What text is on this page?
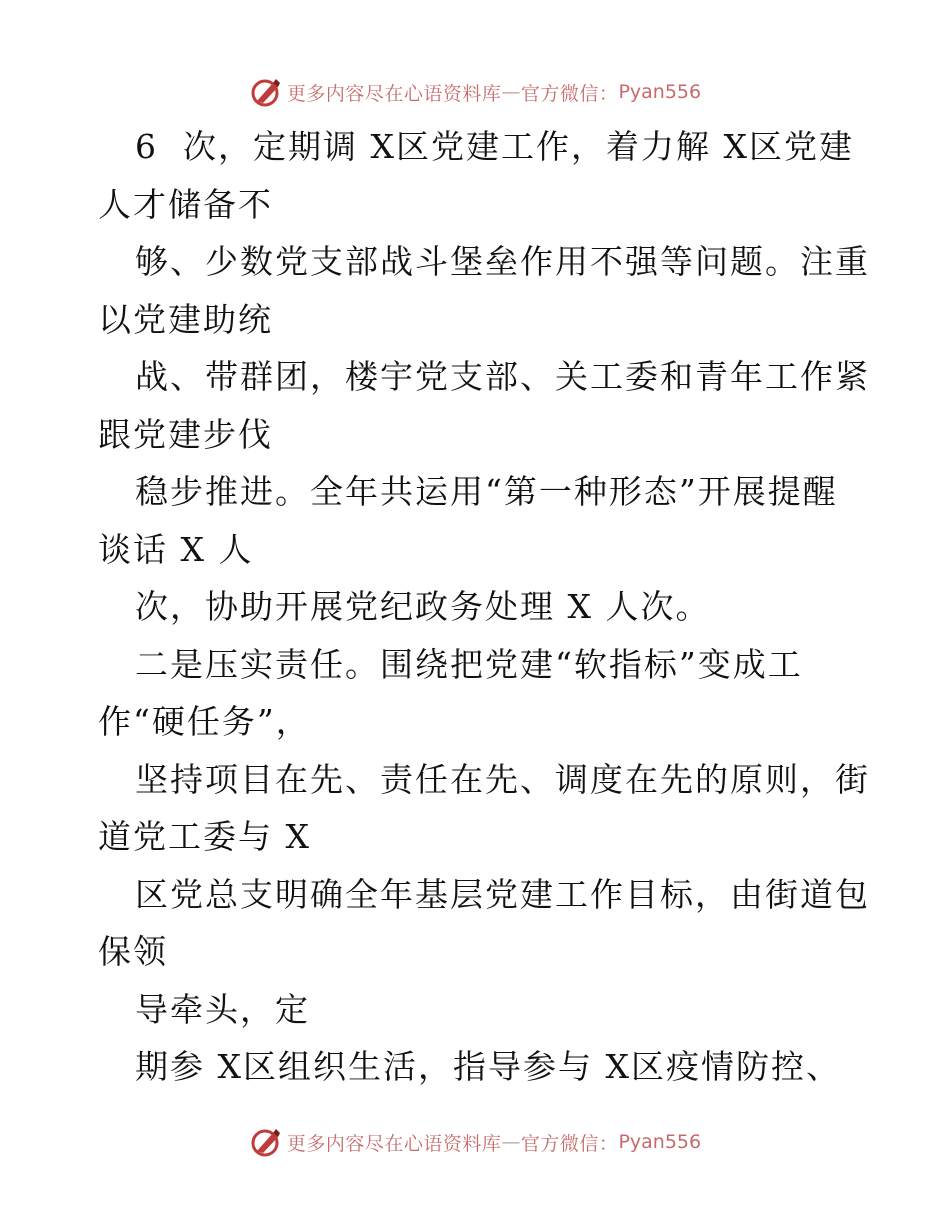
更多内容尽在心语资料库 — 官方微信： Pyan556
6  次，定期调 X区党建工作，着力解 X区党建
人才储备不
够、少数党支部战斗堡垒作用不强等问题。注重
以党建助统
战、带群团，楼宇党支部、关工委和青年工作紧
跟党建步伐
稳步推进。全年共运用“第一种形态”开展提醒
谈话 X 人
次，协助开展党纪政务处理 X 人次。
二是压实责任。围绕把党建“软指标”变成工
作“硬任务”，
坚持项目在先、责任在先、调度在先的原则，街
道党工委与 X
区党总支明确全年基层党建工作目标，由街道包
保领
导牵头，定
期参 X区组织生活，指导参与 X区疫情防控、
更多内容尽在心语资料库 — 官方微信： Pyan556
